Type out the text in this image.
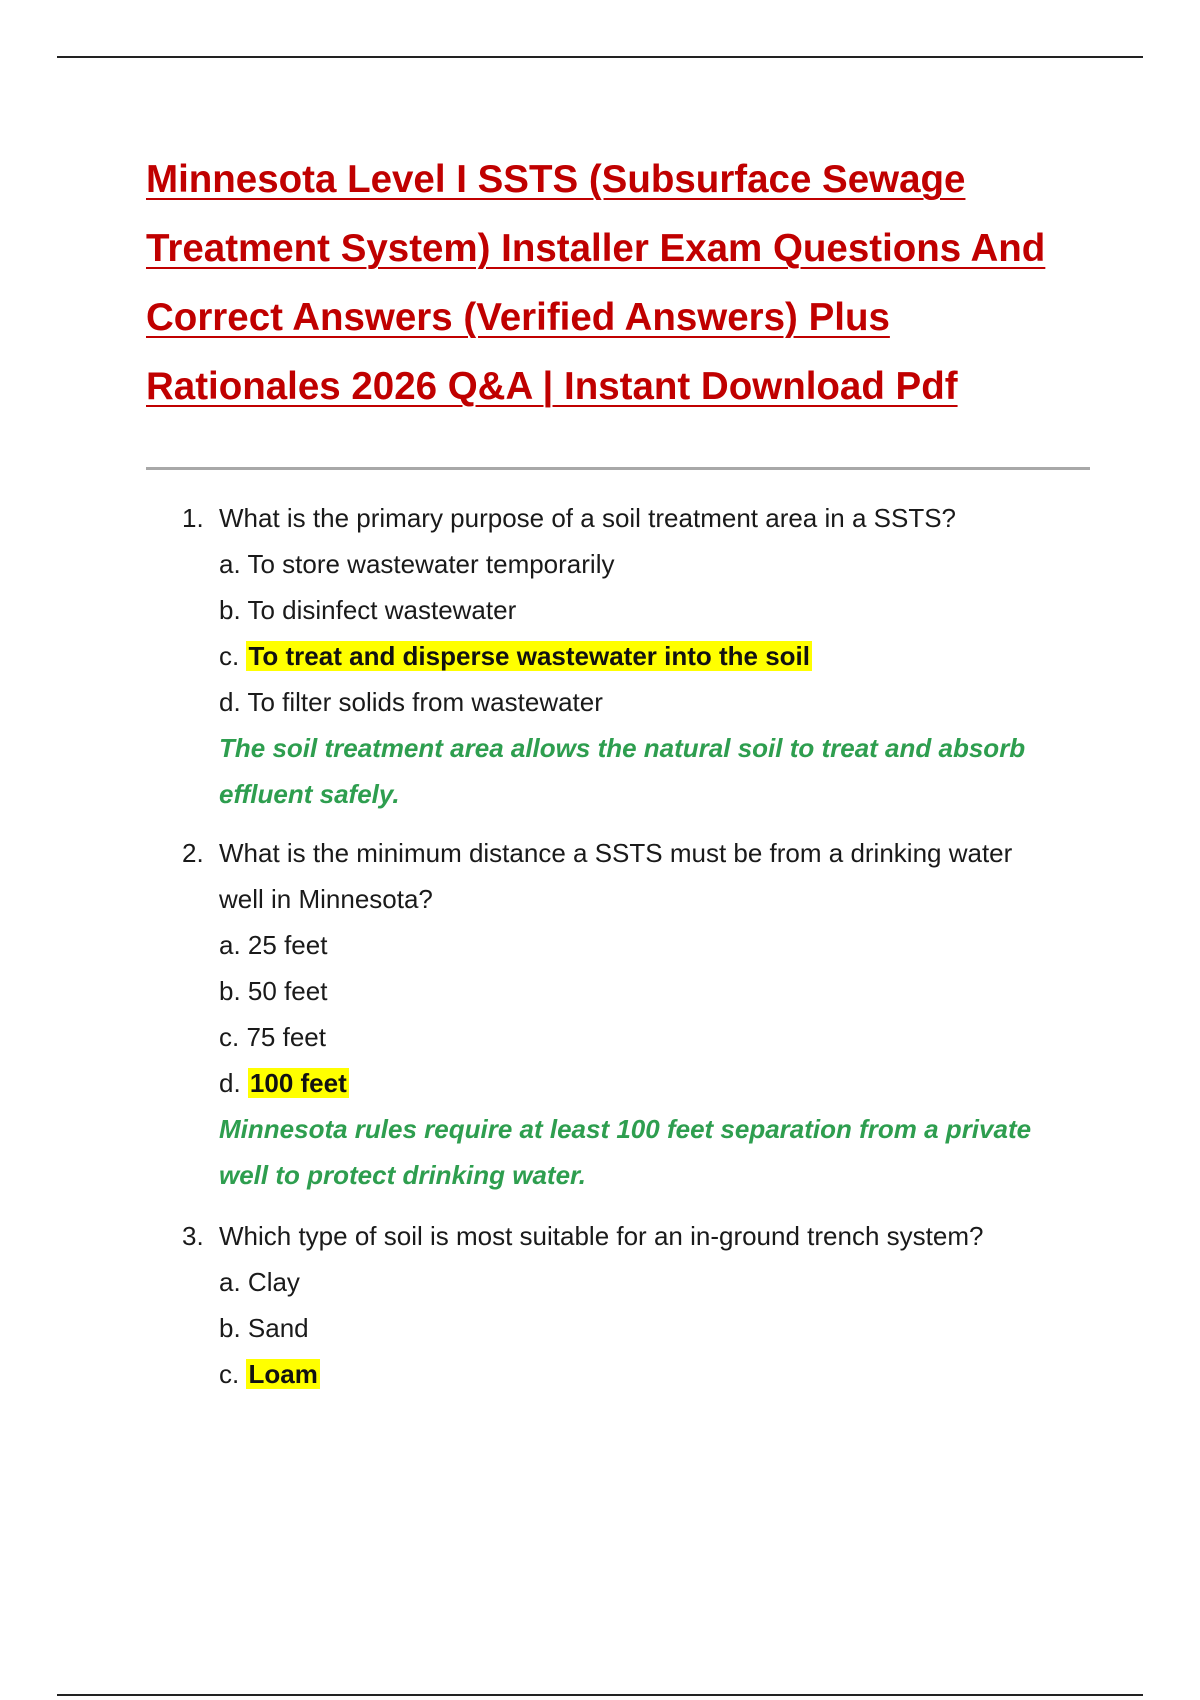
Minnesota Level I SSTS (Subsurface Sewage Treatment System) Installer Exam Questions And Correct Answers (Verified Answers) Plus Rationales 2026 Q&A | Instant Download Pdf
1. What is the primary purpose of a soil treatment area in a SSTS?
a. To store wastewater temporarily
b. To disinfect wastewater
c. To treat and disperse wastewater into the soil
d. To filter solids from wastewater
The soil treatment area allows the natural soil to treat and absorb effluent safely.
2. What is the minimum distance a SSTS must be from a drinking water well in Minnesota?
a. 25 feet
b. 50 feet
c. 75 feet
d. 100 feet
Minnesota rules require at least 100 feet separation from a private well to protect drinking water.
3. Which type of soil is most suitable for an in-ground trench system?
a. Clay
b. Sand
c. Loam
